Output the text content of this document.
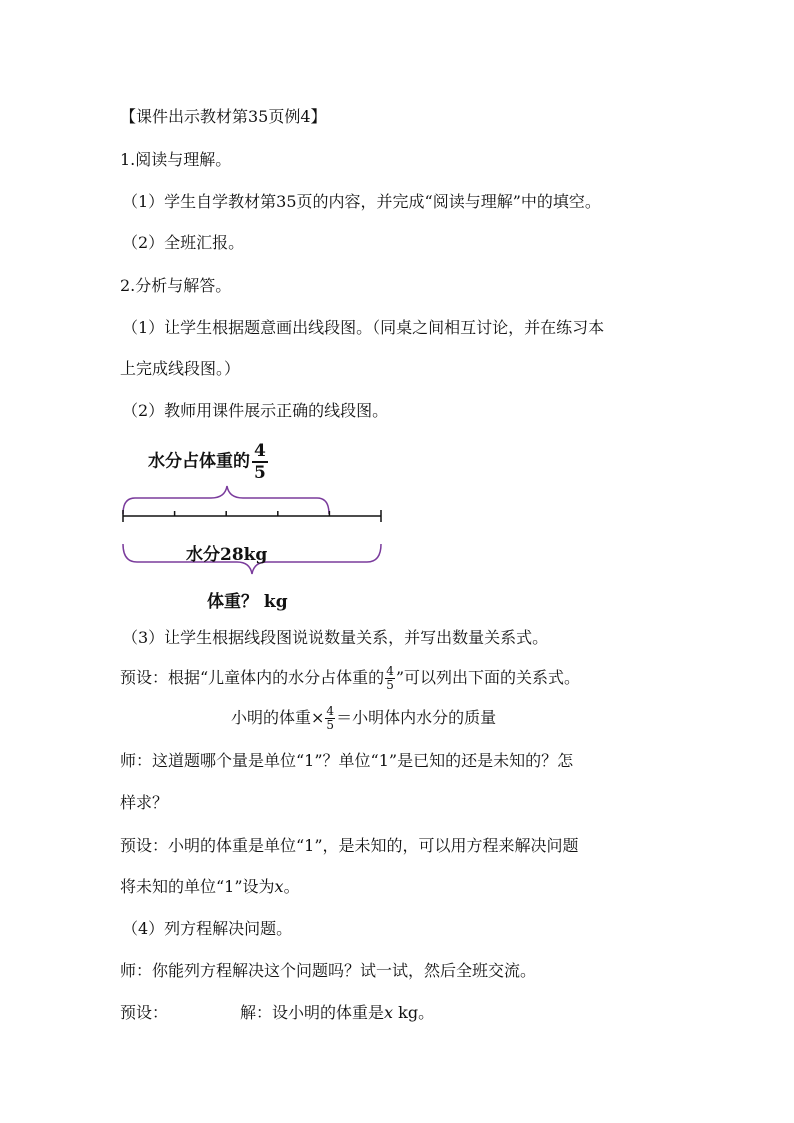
【课件出示教材第35页例4】
1.阅读与理解。
（1）学生自学教材第35页的内容，并完成“阅读与理解”中的填空。
（2）全班汇报。
2.分析与解答。
（1）让学生根据题意画出线段图。（同桌之间相互讨论，并在练习本
上完成线段图。）
（2）教师用课件展示正确的线段图。
水分占体重的 $\frac{4}{5}$
水分28kg
体重？ kg
（3）让学生根据线段图说说数量关系，并写出数量关系式。
预设：根据“儿童体内的水分占体重的 $\frac{4}{5}$ ”可以列出下面的关系式。
小明的体重× $\frac{4}{5}$ ＝小明体内水分的质量
师：这道题哪个量是单位“1”？单位“1”是已知的还是未知的？怎
样求？
预设：小明的体重是单位“1”，是未知的，可以用方程来解决问题
将未知的单位“1”设为x。
（4）列方程解决问题。
师：你能列方程解决这个问题吗？试一试，然后全班交流。
预设：	解：设小明的体重是x kg。
